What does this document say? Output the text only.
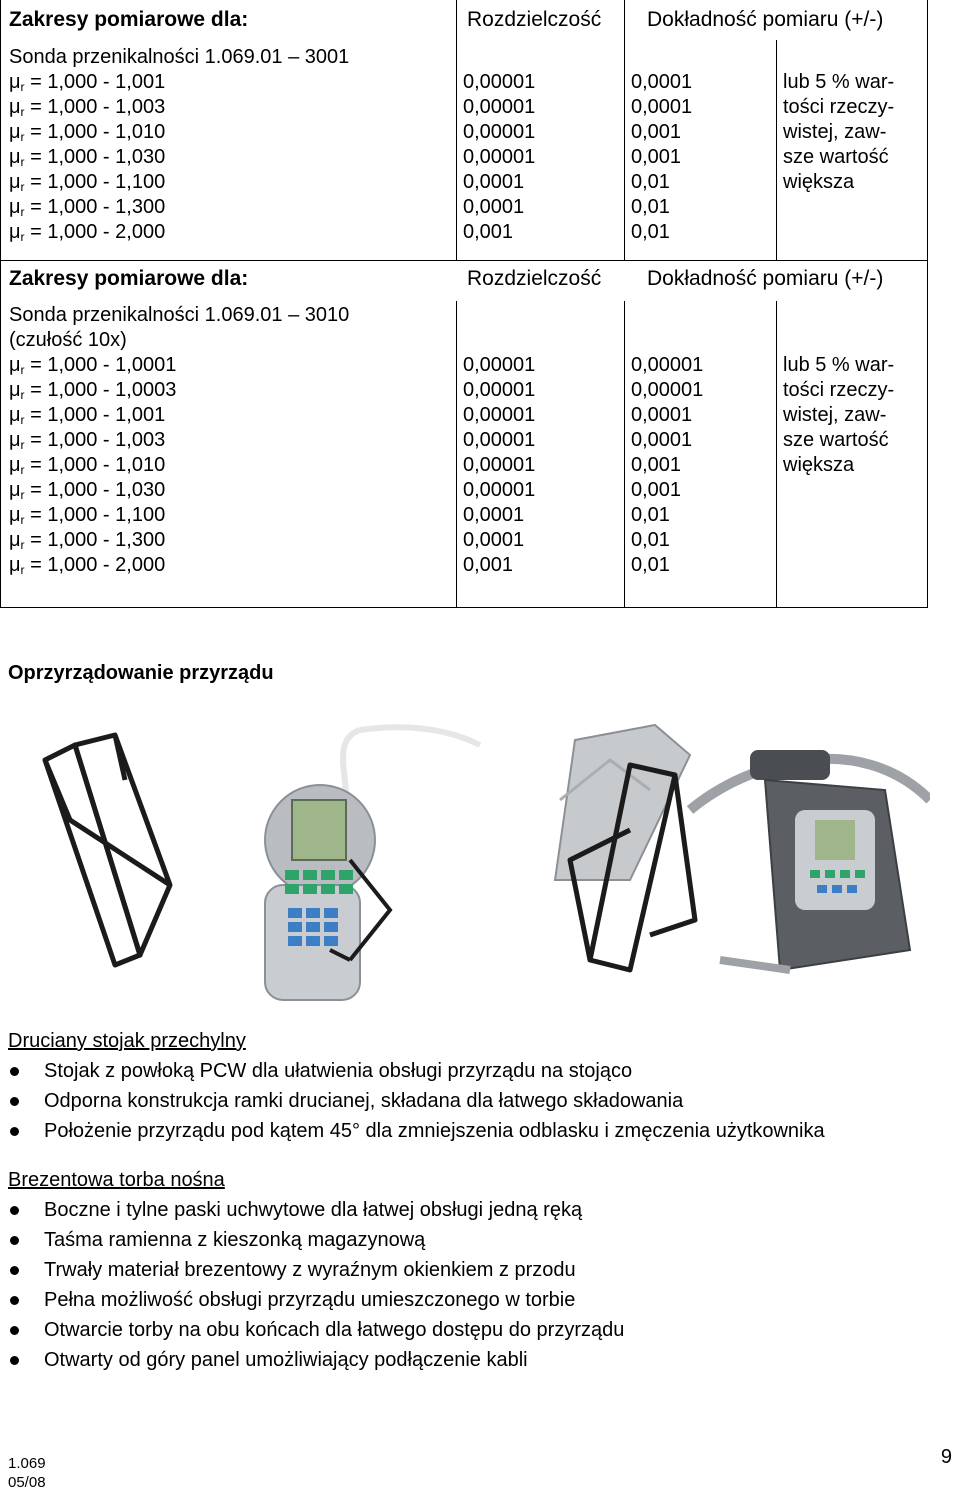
Zakresy pomiarowe dla:	Rozdzielczość Dokładność pomiaru (+/-)
Sonda przenikalności 1.069.01 – 3001
$\mu_r = 1,000 - 1,001$
$\mu_r = 1,000 - 1,003$
$\mu_r = 1,000 - 1,010$
$\mu_r = 1,000 - 1,030$
$\mu_r = 1,000 - 1,100$
$\mu_r = 1,000 - 1,300$
$\mu_r = 1,000 - 2,000$
0,00001
0,00001
0,00001
0,00001
0,0001
0,0001
0,001
0,0001
0,0001
0,001
0,001
0,01
0,01
0,01
lub 5 % war-
tości rzeczy-
wistej, zaw-
sze wartość
większa
Zakresy pomiarowe dla:	Rozdzielczość Dokładność pomiaru (+/-)
Sonda przenikalności 1.069.01 – 3010
(czułość 10x)
$\mu_r = 1,000 - 1,0001$
$\mu_r = 1,000 - 1,0003$
$\mu_r = 1,000 - 1,001$
$\mu_r = 1,000 - 1,003$
$\mu_r = 1,000 - 1,010$
$\mu_r = 1,000 - 1,030$
$\mu_r = 1,000 - 1,100$
$\mu_r = 1,000 - 1,300$
$\mu_r = 1,000 - 2,000$
0,00001
0,00001
0,00001
0,00001
0,00001
0,00001
0,0001
0,0001
0,001
0,00001
0,00001
0,0001
0,0001
0,001
0,001
0,01
0,01
0,01
lub 5 % war-
tości rzeczy-
wistej, zaw-
sze wartość
większa
Oprzyrządowanie przyrządu
Druciany stojak przechylny
Stojak z powłoką PCW dla ułatwienia obsługi przyrządu na stojąco
Odporna konstrukcja ramki drucianej, składana dla łatwego składowania
Położenie przyrządu pod kątem 45° dla zmniejszenia odblasku i zmęczenia użytkownika
Brezentowa torba nośna
Boczne i tylne paski uchwytowe dla łatwej obsługi jedną ręką
Taśma ramienna z kieszonką magazynową
Trwały materiał brezentowy z wyraźnym okienkiem z przodu
Pełna możliwość obsługi przyrządu umieszczonego w torbie
Otwarcie torby na obu końcach dla łatwego dostępu do przyrządu
Otwarty od góry panel umożliwiający podłączenie kabli
1.069
05/08
9
